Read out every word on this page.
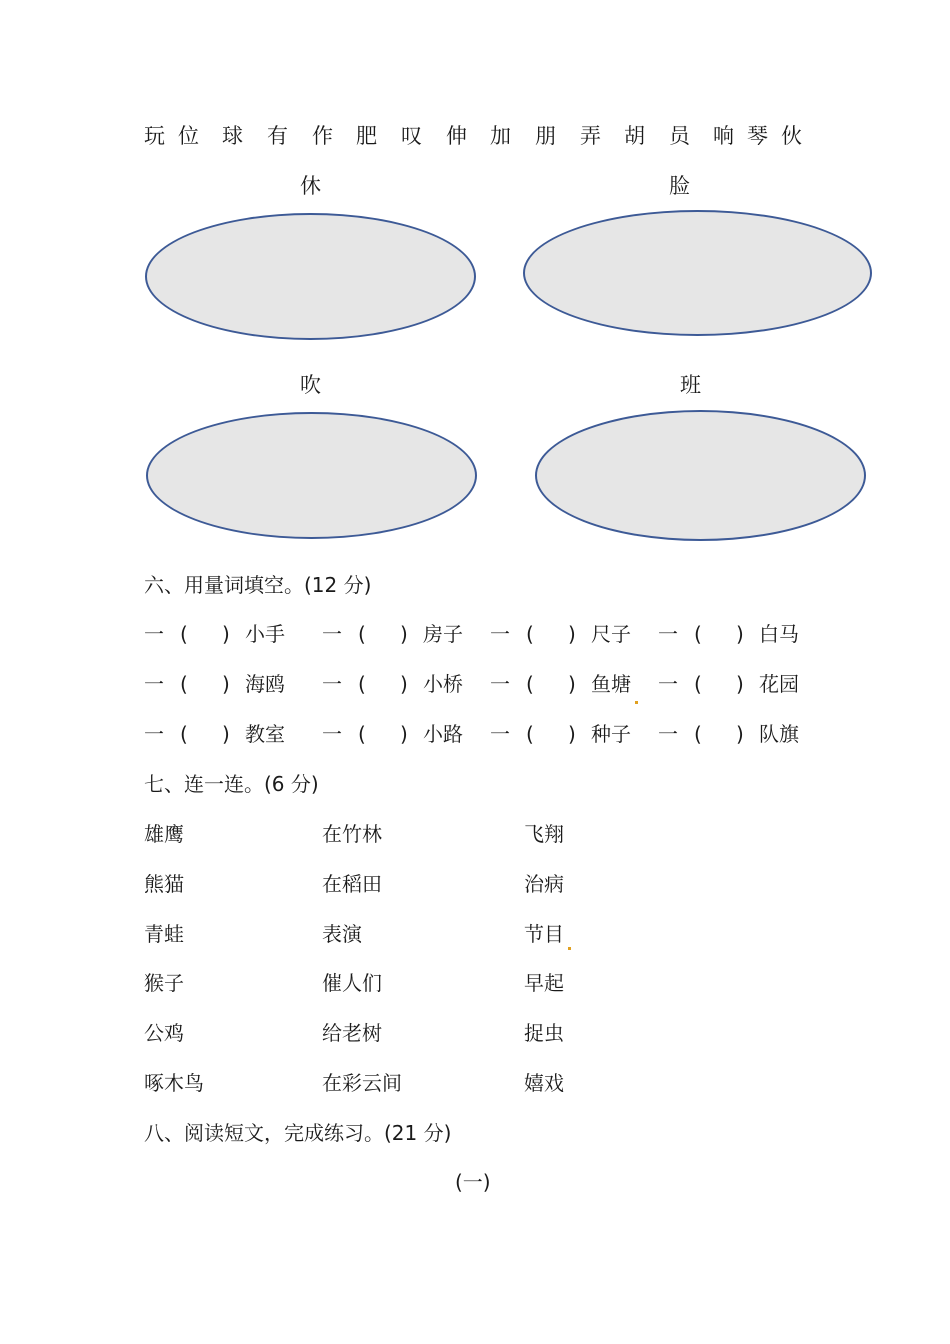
玩 位 球 有 作 肥 叹 伸 加 朋 弄 胡 员 响 琴 伙
休	脸
吹	班
六、用量词填空。(12 分)
一 ( ) 小手 一 ( ) 房子 一 ( ) 尺子 一 ( ) 白马
一 ( ) 海鸥 一 ( ) 小桥 一 ( ) 鱼塘 一 ( ) 花园
一 ( ) 教室 一 ( ) 小路 一 ( ) 种子 一 ( ) 队旗
七、连一连。(6 分)
雄鹰	在竹林	飞翔
熊猫	在稻田	治病
青蛙	表演	节目
猴子	催人们	早起
公鸡	给老树	捉虫
啄木鸟	在彩云间	嬉戏
八、阅读短文，完成练习。(21 分)
(一)
